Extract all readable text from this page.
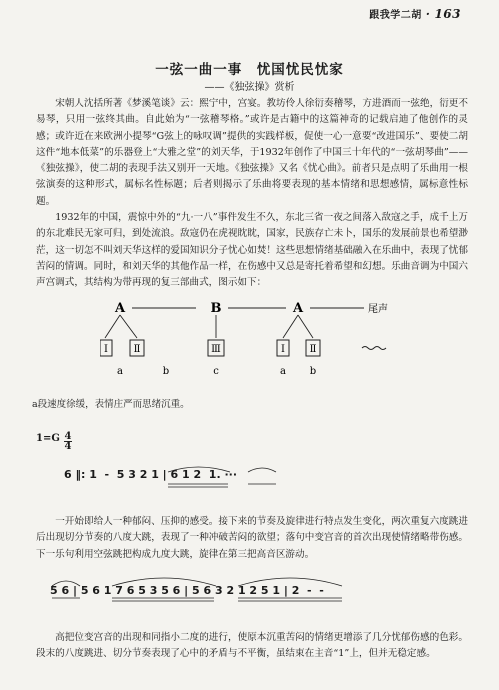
跟我学二胡 · 163
一弦一曲一事　忧国忧民忧家
——《独弦操》赏析

宋朝人沈括所著《梦溪笔谈》云：熙宁中，宫宴。教坊伶人徐衍奏稽琴，方进酒而一弦绝，衍更不易琴，只用一弦终其曲。自此始为“一弦稽琴格。”或许是古籍中的这篇神奇的记载启迪了他创作的灵感；或许近在来欧洲小提琴“G弦上的咏叹调”提供的实践样板，促使一心一意要“改进国乐”、要使二胡这件“地本低菜”的乐器登上“大雅之堂”的刘天华，于1932年创作了中国三十年代的“一弦胡琴曲”——《独弦操》，使二胡的表现手法又别开一天地。《独弦操》又名《忧心曲》。前者只是点明了乐曲用一根弦演奏的这种形式，属标名性标题；后者则揭示了乐曲将要表现的基本情绪和思想感情，属标意性标题。

1932年的中国，震惊中外的“九·一八”事件发生不久，东北三省一夜之间落入敌寇之手，成千上万的东北难民无家可归，到处流浪。敌寇仍在虎视眈眈，国家，民族存亡未卜，国乐的发展前景也希望渺茫，这一切怎不叫刘天华这样的爱国知识分子忧心如焚！这些思想情绪基础融入在乐曲中，表现了忧郁苦闷的情调。同时，和刘天华的其他作品一样，在伤感中又总是寄托着希望和幻想。乐曲音调为中国六声宫调式，其结构为带再现的复三部曲式，图示如下：

A	B	A	尾声
Ⅰ	Ⅱ	Ⅲ	Ⅰ Ⅱ
a	b	c	a b
a段速度徐缓，表情庄严而思绪沉重。
1=G 4
4
6 ‖: 1  -  5 3 2 1 | 6 1 2  1. ···

一开始即给人一种郁闷、压抑的感受。接下来的节奏及旋律进行特点发生变化，两次重复六度跳进后出现切分节奏的八度大跳，表现了一种冲破苦闷的欲望；落句中变宫音的首次出现使情绪略带伤感。下一乐句利用空弦跳把构成九度大跳，旋律在第三把高音区游动。

5 6 | 5 6 1 7 6 5 3 5 6 | 5 6 3 2 1 2 5 1 | 2  -  -

高把位变宫音的出现和同指小二度的进行，使原本沉重苦闷的情绪更增添了几分忧郁伤感的色彩。段末的八度跳进、切分节奏表现了心中的矛盾与不平衡，虽结束在主音“1”上，但并无稳定感。
